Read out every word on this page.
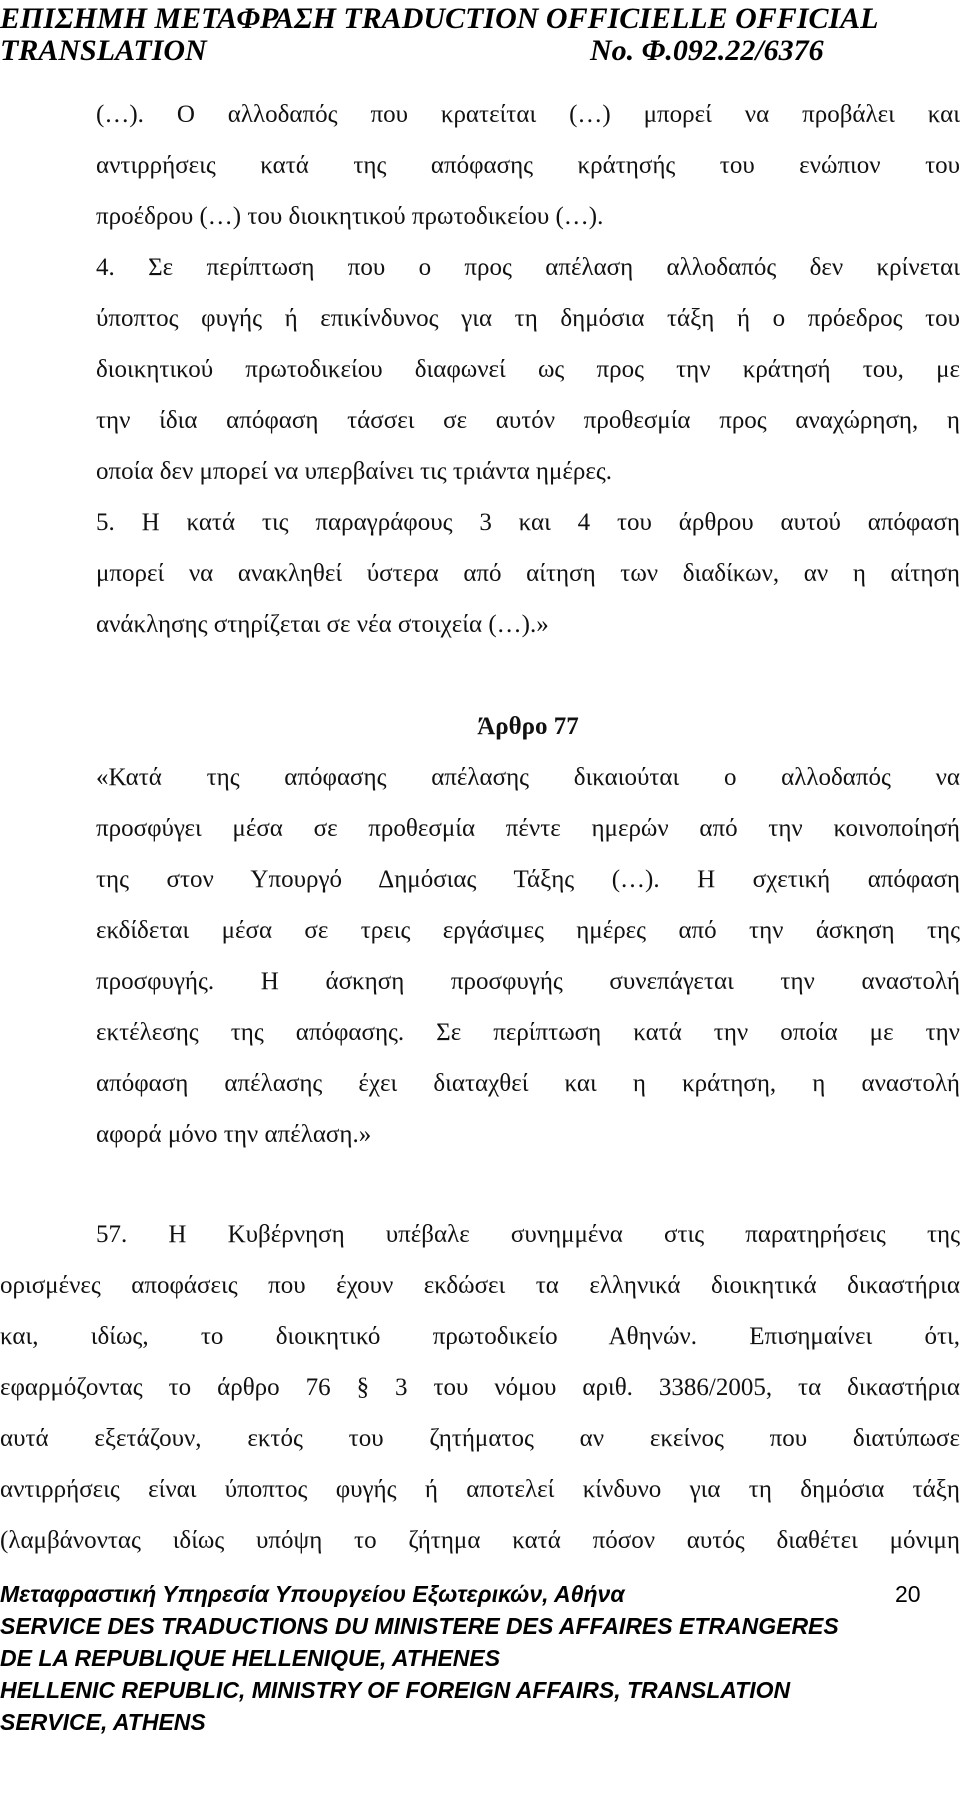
ΕΠΙΣΗΜΗ ΜΕΤΑΦΡΑΣΗ TRADUCTION OFFICIELLE OFFICIAL
TRANSLATION	No. Φ.092.22/6376
(…). Ο αλλοδαπός που κρατείται (…) μπορεί να προβάλει και
αντιρρήσεις κατά της απόφασης κράτησής του ενώπιον του
προέδρου (…) του διοικητικού πρωτοδικείου (…).
4. Σε περίπτωση που ο προς απέλαση αλλοδαπός δεν κρίνεται
ύποπτος φυγής ή επικίνδυνος για τη δημόσια τάξη ή ο πρόεδρος του
διοικητικού πρωτοδικείου διαφωνεί ως προς την κράτησή του, με
την ίδια απόφαση τάσσει σε αυτόν προθεσμία προς αναχώρηση, η
οποία δεν μπορεί να υπερβαίνει τις τριάντα ημέρες.
5. Η κατά τις παραγράφους 3 και 4 του άρθρου αυτού απόφαση
μπορεί να ανακληθεί ύστερα από αίτηση των διαδίκων, αν η αίτηση
ανάκλησης στηρίζεται σε νέα στοιχεία (…).»
Άρθρο 77
«Κατά της απόφασης απέλασης δικαιούται ο αλλοδαπός να
προσφύγει μέσα σε προθεσμία πέντε ημερών από την κοινοποίησή
της στον Υπουργό Δημόσιας Τάξης (…). Η σχετική απόφαση
εκδίδεται μέσα σε τρεις εργάσιμες ημέρες από την άσκηση της
προσφυγής. Η άσκηση προσφυγής συνεπάγεται την αναστολή
εκτέλεσης της απόφασης. Σε περίπτωση κατά την οποία με την
απόφαση απέλασης έχει διαταχθεί και η κράτηση, η αναστολή
αφορά μόνο την απέλαση.»
57. Η Κυβέρνηση υπέβαλε συνημμένα στις παρατηρήσεις της
ορισμένες αποφάσεις που έχουν εκδώσει τα ελληνικά διοικητικά δικαστήρια
και, ιδίως, το διοικητικό πρωτοδικείο Αθηνών. Επισημαίνει ότι,
εφαρμόζοντας το άρθρο 76 § 3 του νόμου αριθ. 3386/2005, τα δικαστήρια
αυτά εξετάζουν, εκτός του ζητήματος αν εκείνος που διατύπωσε
αντιρρήσεις είναι ύποπτος φυγής ή αποτελεί κίνδυνο για τη δημόσια τάξη
(λαμβάνοντας ιδίως υπόψη το ζήτημα κατά πόσον αυτός διαθέτει μόνιμη
Μεταφραστική Υπηρεσία Υπουργείου Εξωτερικών, Αθήνα	20
SERVICE DES TRADUCTIONS DU MINISTERE DES AFFAIRES ETRANGERES
DE LA REPUBLIQUE HELLENIQUE, ATHENES
HELLENIC REPUBLIC, MINISTRY OF FOREIGN AFFAIRS, TRANSLATION
SERVICE, ATHENS
